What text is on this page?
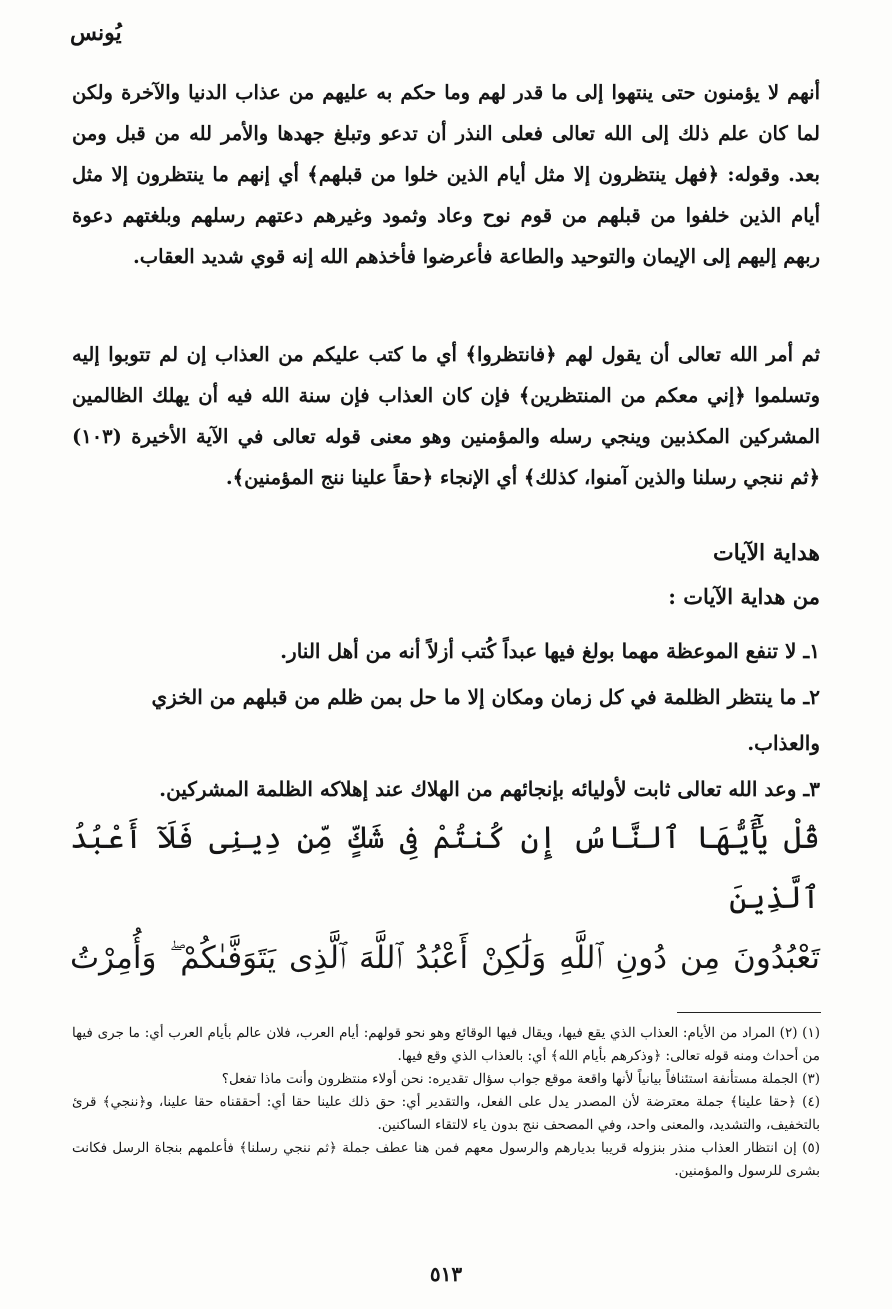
يُونس
أنهم لا يؤمنون حتى ينتهوا إلى ما قدر لهم وما حكم به عليهم من عذاب الدنيا والآخرة ولكن لما كان علم ذلك إلى الله تعالى فعلى النذر أن تدعو وتبلغ جهدها والأمر لله من قبل ومن بعد. وقوله: ﴿فهل ينتظرون إلا مثل أيام الذين خلوا من قبلهم﴾ أي إنهم ما ينتظرون إلا مثل أيام الذين خلفوا من قبلهم من قوم نوح وعاد وثمود وغيرهم دعتهم رسلهم وبلغتهم دعوة ربهم إليهم إلى الإيمان والتوحيد والطاعة فأعرضوا فأخذهم الله إنه قوي شديد العقاب.
ثم أمر الله تعالى أن يقول لهم ﴿فانتظروا﴾ أي ما كتب عليكم من العذاب إن لم تتوبوا إليه وتسلموا ﴿إني معكم من المنتظرين﴾ فإن كان العذاب فإن سنة الله فيه أن يهلك الظالمين المشركين المكذبين وينجي رسله والمؤمنين وهو معنى قوله تعالى في الآية الأخيرة (١٠٣) ﴿ثم ننجي رسلنا والذين آمنوا، كذلك﴾ أي الإنجاء ﴿حقاً علينا ننج المؤمنين﴾.
هداية الآيات
من هداية الآيات :
١ـ لا تنفع الموعظة مهما بولغ فيها عبداً كُتب أزلاً أنه من أهل النار.
٢ـ ما ينتظر الظلمة في كل زمان ومكان إلا ما حل بمن ظلم من قبلهم من الخزي والعذاب.
٣ـ وعد الله تعالى ثابت لأوليائه بإنجائهم من الهلاك عند إهلاكه الظلمة المشركين.
قُلْ يَٰٓأَيُّهَا ٱلنَّاسُ إِن كُنتُمْ فِى شَكٍّ مِّن دِينِى فَلَآ أَعْبُدُ ٱلَّذِينَ
تَعْبُدُونَ مِن دُونِ ٱللَّهِ وَلَٰكِنْ أَعْبُدُ ٱللَّهَ ٱلَّذِى يَتَوَفَّىٰكُمْ ۖ وَأُمِرْتُ
(١) (٢) المراد من الأيام: العذاب الذي يقع فيها، ويقال فيها الوقائع وهو نحو قولهم: أيام العرب، فلان عالم بأيام العرب أي: ما جرى فيها من أحداث ومنه قوله تعالى: ﴿وذكرهم بأيام الله﴾ أي: بالعذاب الذي وقع فيها.
(٣) الجملة مستأنفة استئنافاً بيانياً لأنها واقعة موقع جواب سؤال تقديره: نحن أولاء منتظرون وأنت ماذا تفعل؟
(٤) ﴿حقا علينا﴾ جملة معترضة لأن المصدر يدل على الفعل، والتقدير أي: حق ذلك علينا حقا أي: أحققناه حقا علينا، و﴿ننجي﴾ قرئ بالتخفيف، والتشديد، والمعنى واحد، وفي المصحف ننج بدون ياء لالتقاء الساكنين.
(٥) إن انتظار العذاب منذر بنزوله قريبا بديارهم والرسول معهم فمن هنا عطف جملة ﴿ثم ننجي رسلنا﴾ فأعلمهم بنجاة الرسل فكانت بشرى للرسول والمؤمنين.
٥١٣
